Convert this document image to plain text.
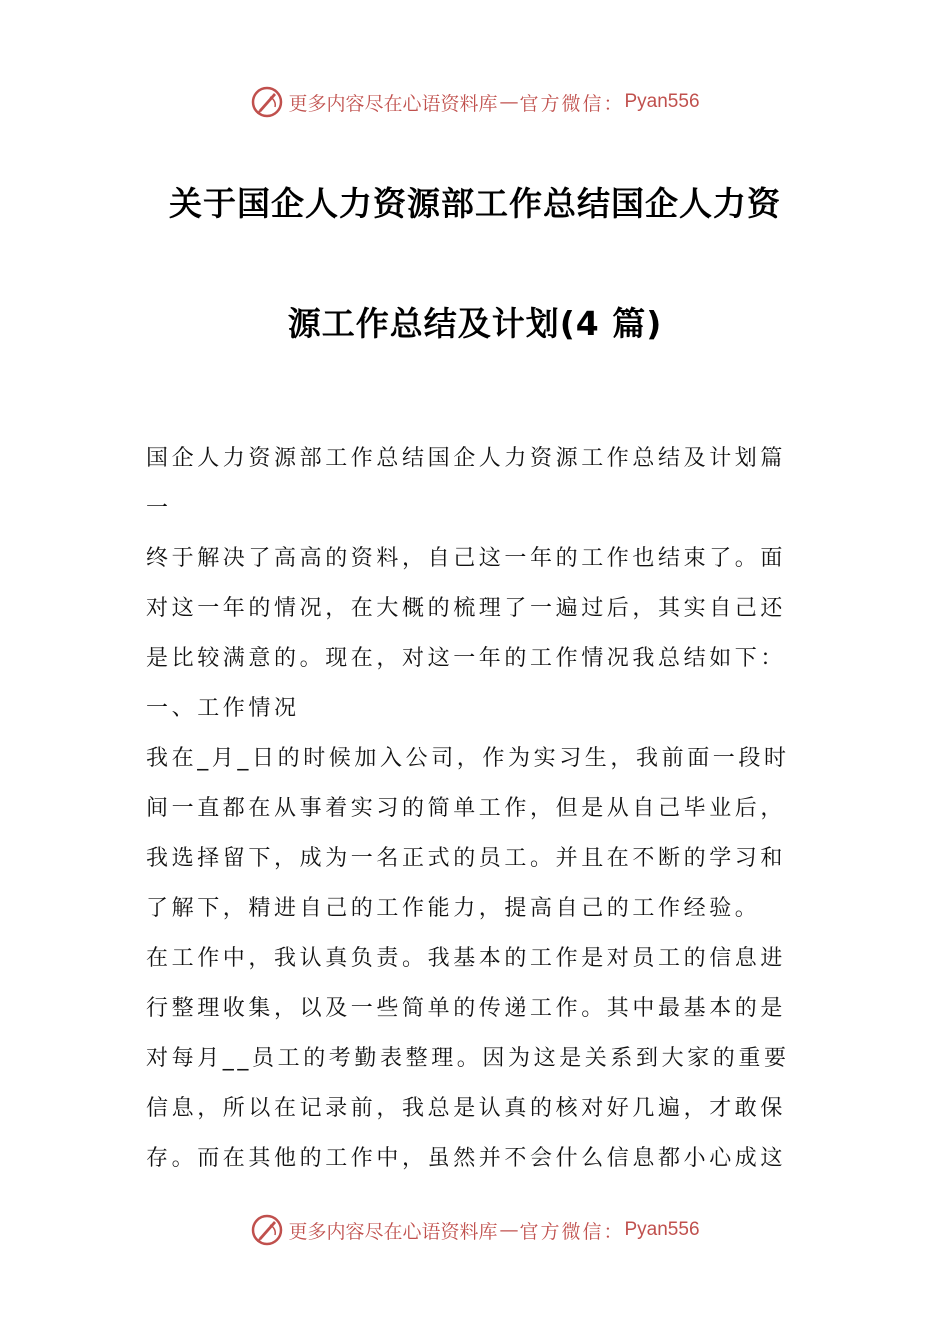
更多内容尽在心语资料库 — 官方微信： Pyan556
关于国企人力资源部工作总结国企人力资
源工作总结及计划(4 篇)
国企人力资源部工作总结国企人力资源工作总结及计划篇
一
终于解决了高高的资料，自己这一年的工作也结束了。面
对这一年的情况，在大概的梳理了一遍过后，其实自己还
是比较满意的。现在，对这一年的工作情况我总结如下：
一、工作情况
我在_月_日的时候加入公司，作为实习生，我前面一段时
间一直都在从事着实习的简单工作，但是从自己毕业后，
我选择留下，成为一名正式的员工。并且在不断的学习和
了解下，精进自己的工作能力，提高自己的工作经验。
在工作中，我认真负责。我基本的工作是对员工的信息进
行整理收集，以及一些简单的传递工作。其中最基本的是
对每月__员工的考勤表整理。因为这是关系到大家的重要
信息，所以在记录前，我总是认真的核对好几遍，才敢保
存。而在其他的工作中，虽然并不会什么信息都小心成这
更多内容尽在心语资料库 — 官方微信： Pyan556
